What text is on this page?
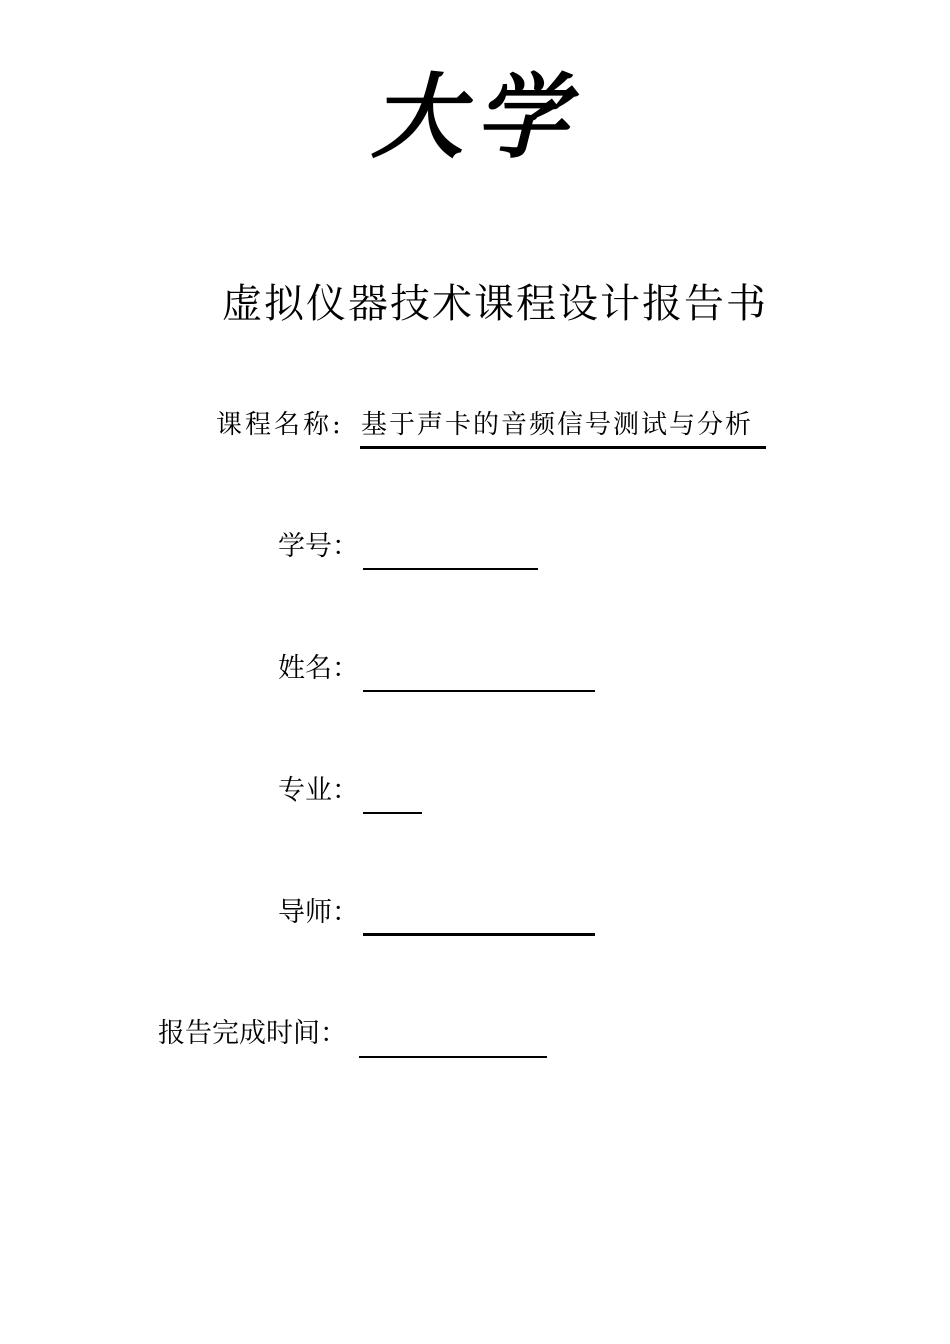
大学
虚拟仪器技术课程设计报告书
课程名称: 基于声卡的音频信号测试与分析
学号：
姓名：
专业：
导师：
报告完成时间：
